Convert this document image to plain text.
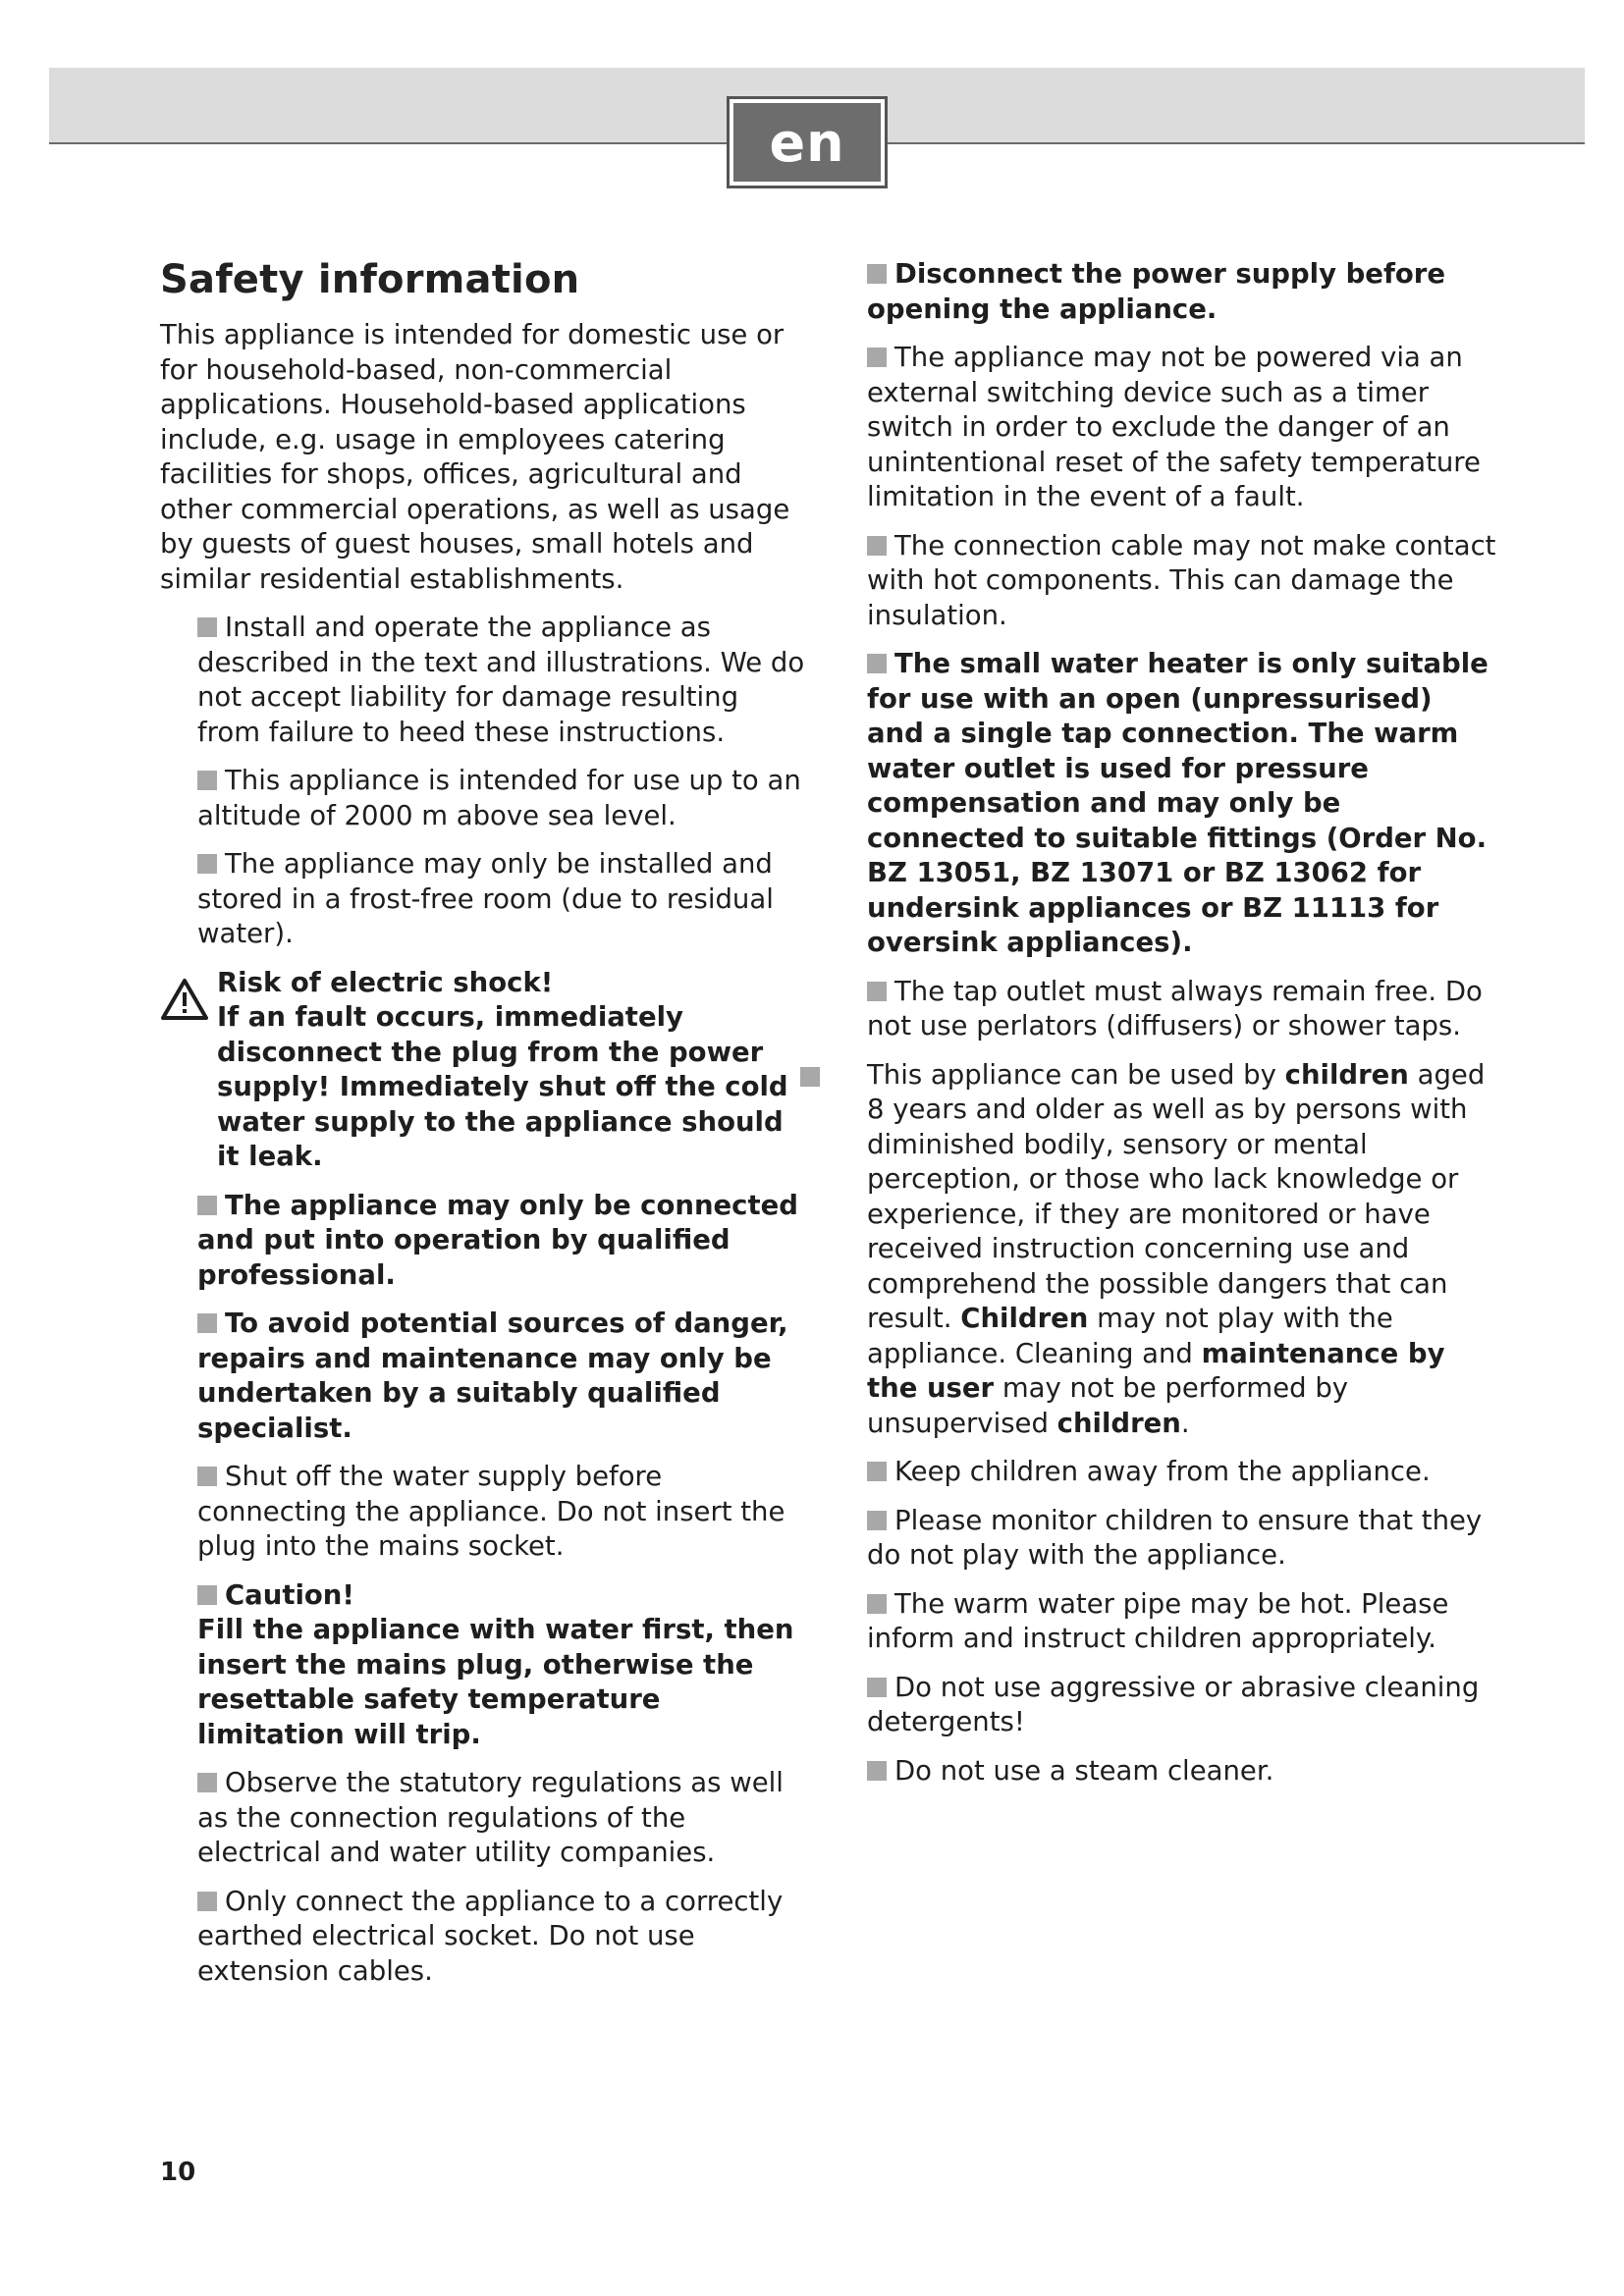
en
Safety information

This appliance is intended for domestic use or for household-based, non-commercial applications. Household-based applications include, e.g. usage in employees catering facilities for shops, offices, agricultural and other commercial operations, as well as usage by guests of guest houses, small hotels and similar residential establishments.

Install and operate the appliance as described in the text and illustrations. We do not accept liability for damage resulting from failure to heed these instructions.
This appliance is intended for use up to an altitude of 2000 m above sea level.
The appliance may only be installed and stored in a frost-free room (due to residual water).
Risk of electric shock!
If an fault occurs, immediately disconnect the plug from the power supply! Immediately shut off the cold water supply to the appliance should it leak.
The appliance may only be connected and put into operation by qualified professional.
To avoid potential sources of danger, repairs and maintenance may only be undertaken by a suitably qualified specialist.
Shut off the water supply before connecting the appliance. Do not insert the plug into the mains socket.
Caution!
Fill the appliance with water first, then insert the mains plug, otherwise the resettable safety temperature limitation will trip.
Observe the statutory regulations as well as the connection regulations of the electrical and water utility companies.
Only connect the appliance to a correctly earthed electrical socket. Do not use extension cables.
Disconnect the power supply before opening the appliance.
The appliance may not be powered via an external switching device such as a timer switch in order to exclude the danger of an unintentional reset of the safety temperature limitation in the event of a fault.
The connection cable may not make contact with hot components. This can damage the insulation.
The small water heater is only suitable for use with an open (unpressurised) and a single tap connection. The warm water outlet is used for pressure compensation and may only be connected to suitable fittings (Order No. BZ 13051, BZ 13071 or BZ 13062 for undersink appliances or BZ 11113 for oversink appliances).
The tap outlet must always remain free. Do not use perlators (diffusers) or shower taps.
This appliance can be used by children aged 8 years and older as well as by persons with diminished bodily, sensory or mental perception, or those who lack knowledge or experience, if they are monitored or have received instruction concerning use and comprehend the possible dangers that can result. Children may not play with the appliance. Cleaning and maintenance by the user may not be performed by unsupervised children.
Keep children away from the appliance.
Please monitor children to ensure that they do not play with the appliance.
The warm water pipe may be hot. Please inform and instruct children appropriately.
Do not use aggressive or abrasive cleaning detergents!
Do not use a steam cleaner.
10
